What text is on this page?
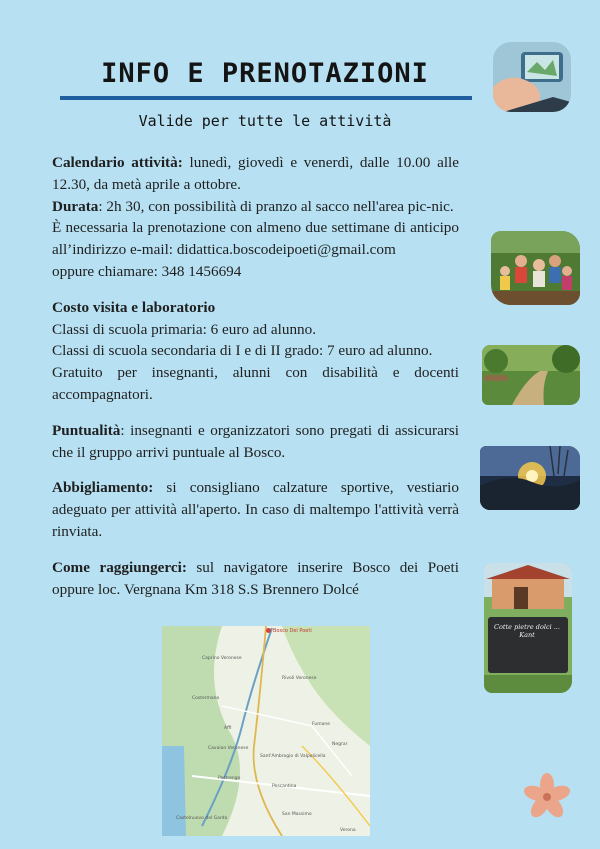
INFO E PRENOTAZIONI
Valide per tutte le attività
Cotte pietre dolci ... Kant

Calendario attività: lunedì, giovedì e venerdì, dalle 10.00 alle 12.30, da metà aprile a ottobre.

Durata: 2h 30, con possibilità di pranzo al sacco nell'area pic-nic.

È necessaria la prenotazione con almeno due settimane di anticipo all’indirizzo e-mail: didattica.boscodeipoeti@gmail.com

oppure chiamare: 348 1456694

Costo visita e laboratorio

Classi di scuola primaria: 6 euro ad alunno.

Classi di scuola secondaria di I e di II grado: 7 euro ad alunno.

Gratuito per insegnanti, alunni con disabilità e docenti accompagnatori.

Puntualità: insegnanti e organizzatori sono pregati di assicurarsi che il gruppo arrivi puntuale al Bosco.

Abbigliamento: si consigliano calzature sportive, vestiario adeguato per attività all'aperto. In caso di maltempo l'attività verrà rinviata.

Come raggiungerci: sul navigatore inserire Bosco dei Poeti oppure loc. Vergnana Km 318 S.S Brennero Dolcé

Bosco Dei Poeti
Caprino Veronese
Rivoli Veronese
Costermano
Affi
Cavaion Veronese
Sant'Ambrogio di Valpolicella
Fumane
Negrar
Pastrengo
Pescantina
Castelnuovo del Garda
San Massimo
Verona
